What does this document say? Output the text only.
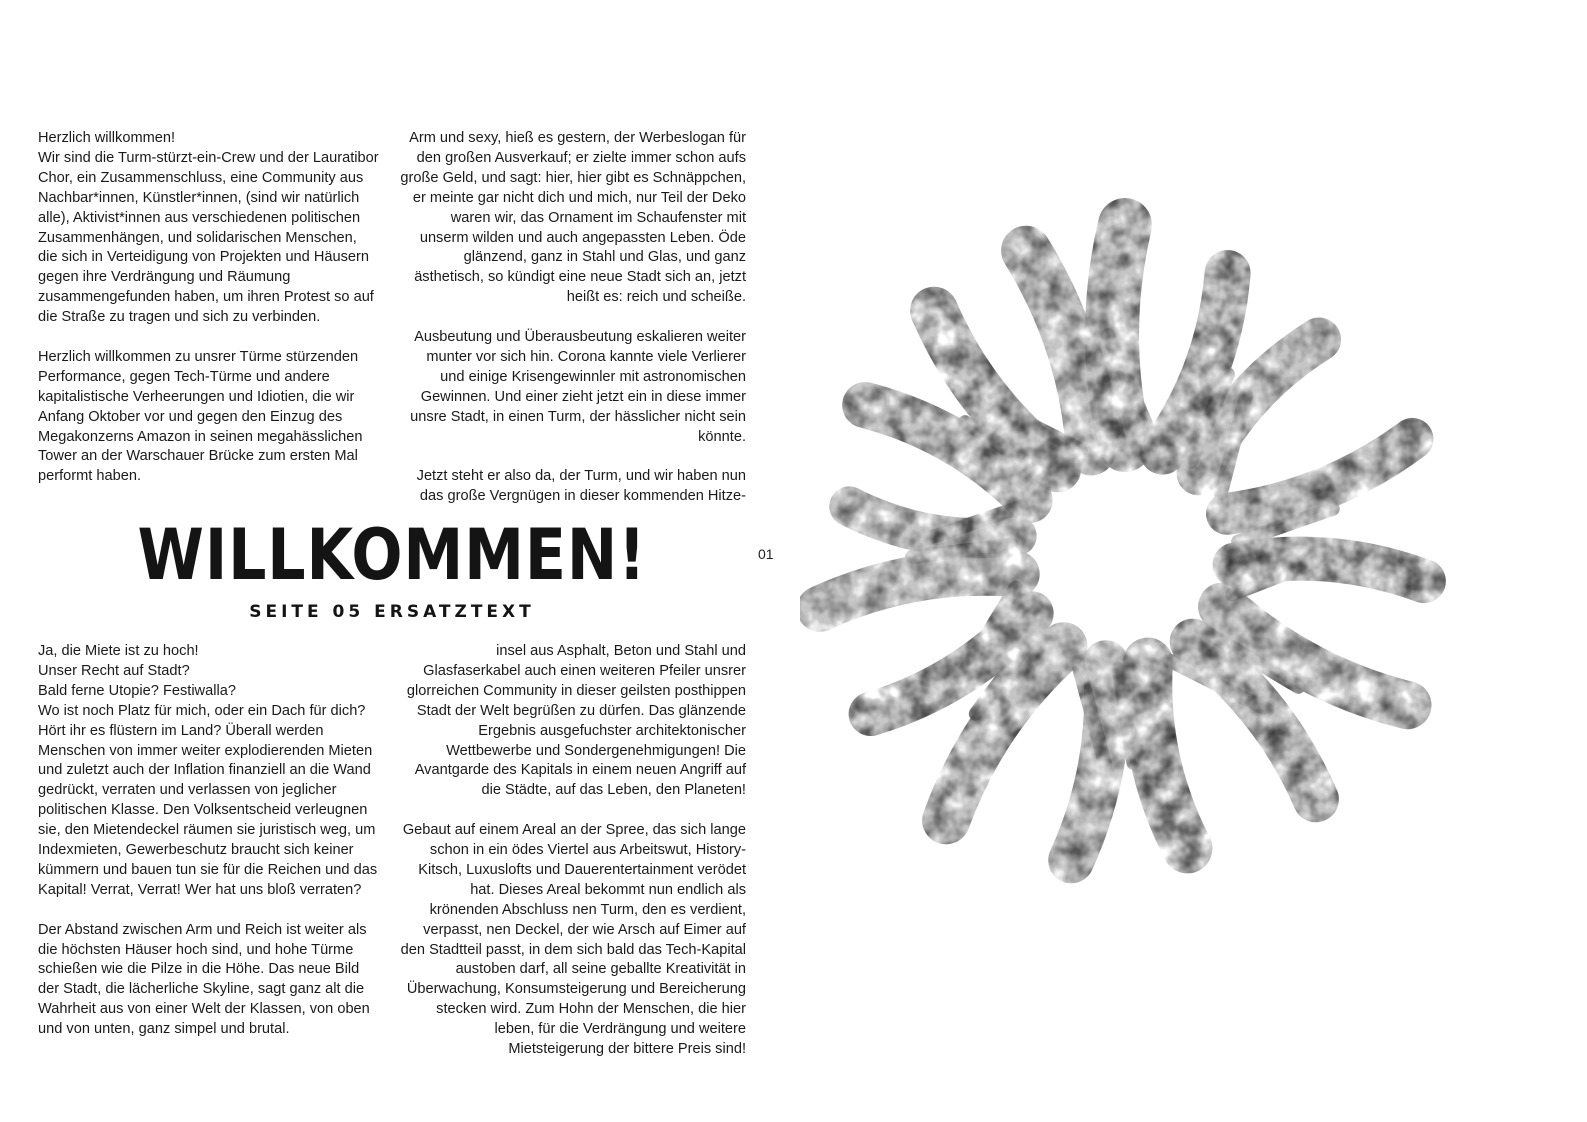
Herzlich willkommen!
Wir sind die Turm-stürzt-ein-Crew und der Lauratibor Chor, ein Zusammenschluss, eine Community aus Nachbar*innen, Künstler*innen, (sind wir natürlich alle), Aktivist*innen aus verschiedenen politischen Zusammenhängen, und solidarischen Menschen, die sich in Verteidigung von Projekten und Häusern gegen ihre Verdrängung und Räumung zusammengefunden haben, um ihren Protest so auf die Straße zu tragen und sich zu verbinden.

Herzlich willkommen zu unsrer Türme stürzenden Performance, gegen Tech-Türme und andere kapitalistische Verheerungen und Idiotien, die wir Anfang Oktober vor und gegen den Einzug des Megakonzerns Amazon in seinen megahässlichen Tower an der Warschauer Brücke zum ersten Mal performt haben.

Arm und sexy, hieß es gestern, der Werbeslogan für den großen Ausverkauf; er zielte immer schon aufs große Geld, und sagt: hier, hier gibt es Schnäppchen, er meinte gar nicht dich und mich, nur Teil der Deko waren wir, das Ornament im Schaufenster mit unserm wilden und auch angepassten Leben. Öde glänzend, ganz in Stahl und Glas, und ganz ästhetisch, so kündigt eine neue Stadt sich an, jetzt heißt es: reich und scheiße.

Ausbeutung und Überausbeutung eskalieren weiter munter vor sich hin. Corona kannte viele Verlierer und einige Krisengewinnler mit astronomischen Gewinnen. Und einer zieht jetzt ein in diese immer unsre Stadt, in einen Turm, der hässlicher nicht sein könnte.

Jetzt steht er also da, der Turm, und wir haben nun das große Vergnügen in dieser kommenden Hitze-

WILLKOMMEN!
SEITE 05 ERSATZTEXT

Ja, die Miete ist zu hoch!
Unser Recht auf Stadt?
Bald ferne Utopie? Festiwalla?
Wo ist noch Platz für mich, oder ein Dach für dich? Hört ihr es flüstern im Land? Überall werden Menschen von immer weiter explodierenden Mieten und zuletzt auch der Inflation finanziell an die Wand gedrückt, verraten und verlassen von jeglicher politischen Klasse. Den Volksentscheid verleugnen sie, den Mietendeckel räumen sie juristisch weg, um Indexmieten, Gewerbeschutz braucht sich keiner kümmern und bauen tun sie für die Reichen und das Kapital! Verrat, Verrat! Wer hat uns bloß verraten?

Der Abstand zwischen Arm und Reich ist weiter als die höchsten Häuser hoch sind, und hohe Türme schießen wie die Pilze in die Höhe. Das neue Bild der Stadt, die lächerliche Skyline, sagt ganz alt die Wahrheit aus von einer Welt der Klassen, von oben und von unten, ganz simpel und brutal.

insel aus Asphalt, Beton und Stahl und Glasfaserkabel auch einen weiteren Pfeiler unsrer glorreichen Community in dieser geilsten posthippen Stadt der Welt begrüßen zu dürfen. Das glänzende Ergebnis ausgefuchster architektonischer Wettbewerbe und Sondergenehmigungen! Die Avantgarde des Kapitals in einem neuen Angriff auf die Städte, auf das Leben, den Planeten!

Gebaut auf einem Areal an der Spree, das sich lange schon in ein ödes Viertel aus Arbeitswut, History-Kitsch, Luxuslofts und Dauerentertainment verödet hat. Dieses Areal bekommt nun endlich als krönenden Abschluss nen Turm, den es verdient, verpasst, nen Deckel, der wie Arsch auf Eimer auf den Stadtteil passt, in dem sich bald das Tech-Kapital austoben darf, all seine geballte Kreativität in Überwachung, Konsumsteigerung und Bereicherung stecken wird. Zum Hohn der Menschen, die hier leben, für die Verdrängung und weitere Mietsteigerung der bittere Preis sind!

01
